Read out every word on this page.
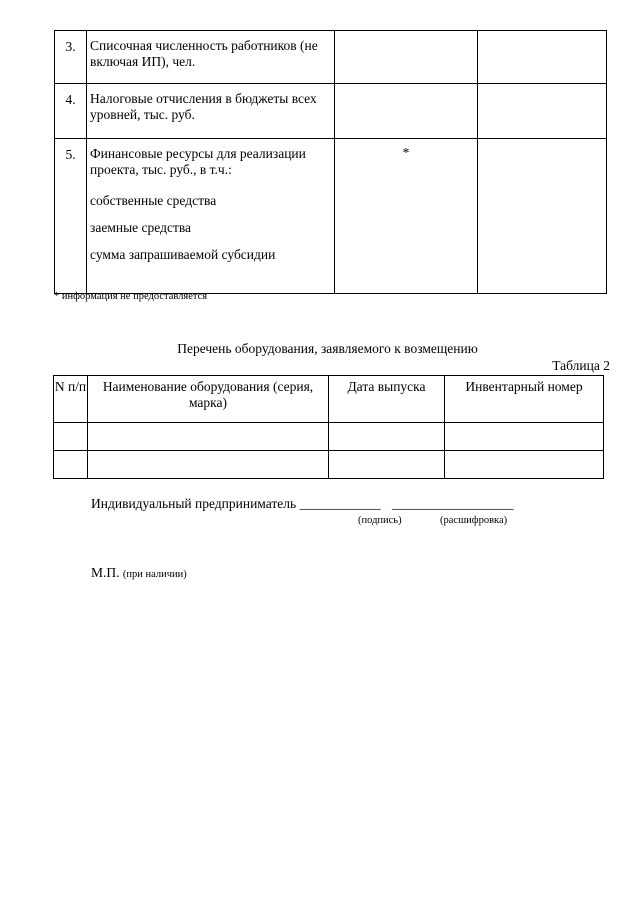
3.	Списочная численность работников (не включая ИП), чел.		
4.	Налоговые отчисления в бюджеты всех уровней, тыс. руб.		
5.	Финансовые ресурсы для реализации проекта, тыс. руб., в т.ч.:
собственные средства
заемные средства
сумма запрашиваемой субсидии	*	
* информация не предоставляется
Перечень оборудования, заявляемого к возмещению
Таблица 2
N п/п	Наименование оборудования (серия, марка)	Дата выпуска	Инвентарный номер

Индивидуальный предприниматель ____________ __________________
(подпись)	(расшифровка)
М.П. (при наличии)
